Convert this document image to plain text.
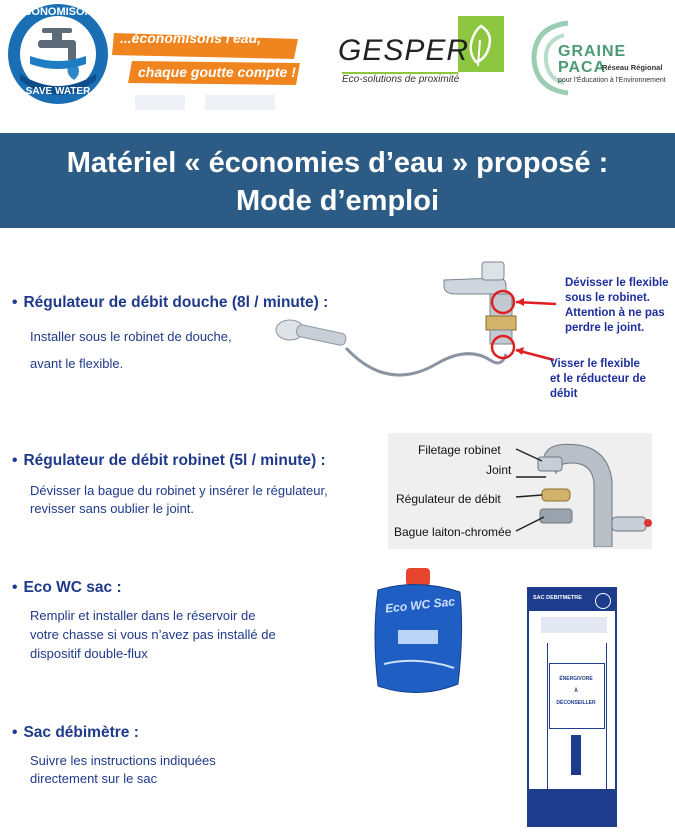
ÉCONOMISONS L'EAU
SAVE WATER
...économisons l'eau,
chaque goutte compte !
GESPER
Eco-solutions de proximité
GRAINE
PACA
Réseau Régional
pour l'Éducation à l'Environnement
Matériel « économies d’eau » proposé :
Mode d’emploi
• Régulateur de débit douche (8l / minute) :
Installer sous le robinet de douche,
avant le flexible.
Dévisser le flexible
sous le robinet.
Attention à ne pas
perdre le joint.
Visser le flexible
et le réducteur de
débit
• Régulateur de débit robinet (5l / minute) :
Dévisser la bague du robinet y insérer le régulateur,
revisser sans oublier le joint.
Filetage robinet
Joint
Régulateur de débit
Bague laiton-chromée
• Eco WC sac :
Remplir et installer dans le réservoir de
votre chasse si vous n’avez pas installé de
dispositif double-flux
Eco WC Sac
• Sac débimètre :
Suivre les instructions indiquées
directement sur le sac
SAC DEBITMETRE
ÉNERGIVORE
À
DÉCONSEILLER
